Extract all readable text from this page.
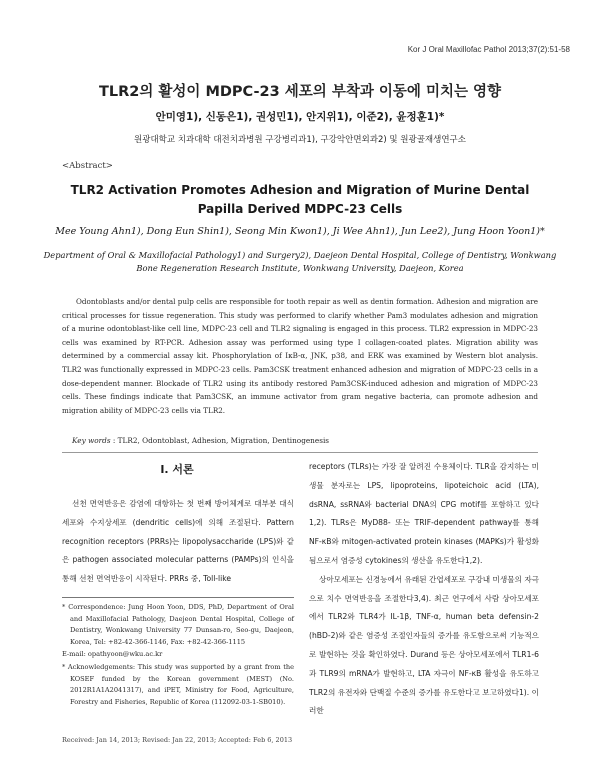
Kor J Oral Maxillofac Pathol 2013;37(2):51-58
TLR2의 활성이 MDPC-23 세포의 부착과 이동에 미치는 영향
안미영1), 신동은1), 권성민1), 안지위1), 이준2), 윤정훈1)*
원광대학교 치과대학 대전치과병원 구강병리과1), 구강악안면외과2) 및 원광골재생연구소
<Abstract>
TLR2 Activation Promotes Adhesion and Migration of Murine Dental Papilla Derived MDPC-23 Cells
Mee Young Ahn1), Dong Eun Shin1), Seong Min Kwon1), Ji Wee Ahn1), Jun Lee2), Jung Hoon Yoon1)*
Department of Oral & Maxillofacial Pathology1) and Surgery2), Daejeon Dental Hospital, College of Dentistry, Wonkwang Bone Regeneration Research Institute, Wonkwang University, Daejeon, Korea
Odontoblasts and/or dental pulp cells are responsible for tooth repair as well as dentin formation. Adhesion and migration are critical processes for tissue regeneration. This study was performed to clarify whether Pam3 modulates adhesion and migration of a murine odontoblast-like cell line, MDPC-23 cell and TLR2 signaling is engaged in this process. TLR2 expression in MDPC-23 cells was examined by RT-PCR. Adhesion assay was performed using type I collagen-coated plates. Migration ability was determined by a commercial assay kit. Phosphorylation of IκB-α, JNK, p38, and ERK was examined by Western blot analysis. TLR2 was functionally expressed in MDPC-23 cells. Pam3CSK treatment enhanced adhesion and migration of MDPC-23 cells in a dose-dependent manner. Blockade of TLR2 using its antibody restored Pam3CSK-induced adhesion and migration of MDPC-23 cells. These findings indicate that Pam3CSK, an immune activator from gram negative bacteria, can promote adhesion and migration ability of MDPC-23 cells via TLR2.
Key words : TLR2, Odontoblast, Adhesion, Migration, Dentinogenesis
Ⅰ. 서론
선천 면역반응은 감염에 대항하는 첫 번째 방어체계로 대부분 대식세포와 수지상세포 (dendritic cells)에 의해 조절된다. Pattern recognition receptors (PRRs)는 lipopolysaccharide (LPS)와 같은 pathogen associated molecular patterns (PAMPs)의 인식을 통해 선천 면역반응이 시작된다. PRRs 중, Toll-like

receptors (TLRs)는 가장 잘 알려진 수용체이다. TLR을 감지하는 미생물 분자로는 LPS, lipoproteins, lipoteichoic acid (LTA), dsRNA, ssRNA와 bacterial DNA의 CPG motif를 포함하고 있다1,2). TLRs은 MyD88- 또는 TRIF-dependent pathway를 통해 NF-κB와 mitogen-activated protein kinases (MAPKs)가 활성화됨으로서 염증성 cytokines의 생산을 유도한다1,2).

상아모세포는 신경능에서 유래된 간엽세포로 구강내 미생물의 자극으로 치수 면역반응을 조절한다3,4). 최근 연구에서 사람 상아모세포에서 TLR2와 TLR4가 IL-1β, TNF-α, human beta defensin-2 (hBD-2)와 같은 염증성 조절인자들의 증가를 유도함으로써 기능적으로 발현하는 것을 확인하였다. Durand 등은 상아모세포에서 TLR1-6과 TLR9의 mRNA가 발현하고, LTA 자극이 NF-κB 활성을 유도하고 TLR2의 유전자와 단백질 수준의 증가를 유도한다고 보고하였다1). 이러한

* Correspondence: Jung Hoon Yoon, DDS, PhD, Department of Oral and Maxillofacial Pathology, Daejeon Dental Hospital, College of Dentistry, Wonkwang University 77 Dunsan-ro, Seo-gu, Daejeon, Korea, Tel: +82-42-366-1146, Fax: +82-42-366-1115

E-mail: opathyoon@wku.ac.kr

* Acknowledgements: This study was supported by a grant from the KOSEF funded by the Korean government (MEST) (No. 2012R1A1A2041317), and iPET, Ministry for Food, Agriculture, Forestry and Fisheries, Republic of Korea (112092-03-1-SB010).

Received: Jan 14, 2013; Revised: Jan 22, 2013; Accepted: Feb 6, 2013
